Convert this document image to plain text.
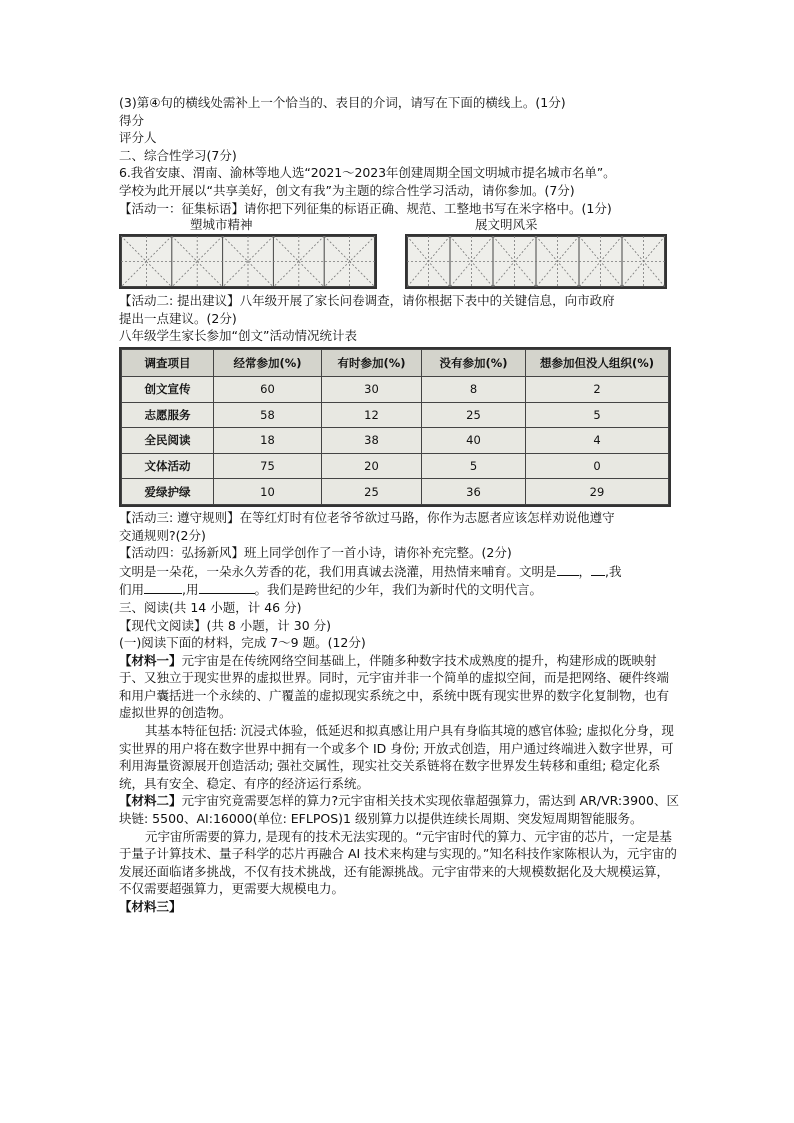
(3)第④句的横线处需补上一个恰当的、表目的介词，请写在下面的横线上。(1分)
得分
评分人
二、综合性学习(7分)
6.我省安康、渭南、渝林等地人选“2021～2023年创建周期全国文明城市提名城市名单”。
学校为此开展以“共享美好，创文有我”为主题的综合性学习活动，请你参加。(7分)
【活动一：征集标语】请你把下列征集的标语正确、规范、工整地书写在米字格中。(1分)
塑城市精神	展文明风采
【活动二: 提出建议】八年级开展了家长问卷调查，请你根据下表中的关键信息，向市政府
提出一点建议。(2分)
八年级学生家长参加“创文”活动情况统计表
调查项目	经常参加(%)	有时参加(%)	没有参加(%)	想参加但没人组织(%)
创文宣传	60	30	8	2
志愿服务	58	12	25	5
全民阅读	18	38	40	4
文体活动	75	20	5	0
爱绿护绿	10	25	36	29
【活动三: 遵守规则】在等红灯时有位老爷爷欲过马路，你作为志愿者应该怎样劝说他遵守
交通规则?(2分)
【活动四：弘扬新风】班上同学创作了一首小诗，请你补充完整。(2分)
文明是一朵花，一朵永久芳香的花，我们用真诚去浇灌，用热情来哺育。文明是 ， ,我
们用	,用	。我们是跨世纪的少年，我们为新时代的文明代言。
三、阅读(共 14 小题，计 46 分)
【现代文阅读】(共 8 小题，计 30 分)
(一)阅读下面的材料，完成 7～9 题。(12分)
【材料一】元宇宙是在传统网络空间基础上，伴随多种数字技术成熟度的提升，构建形成的既映射于、又独立于现实世界的虚拟世界。同时，元宇宙并非一个简单的虚拟空间，而是把网络、硬件终端和用户囊括进一个永续的、广覆盖的虚拟现实系统之中，系统中既有现实世界的数字化复制物，也有虚拟世界的创造物。
其基本特征包括: 沉浸式体验，低延迟和拟真感让用户具有身临其境的感官体验; 虚拟化分身，现实世界的用户将在数字世界中拥有一个或多个 ID 身份; 开放式创造，用户通过终端进入数字世界，可利用海量资源展开创造活动; 强社交属性，现实社交关系链将在数字世界发生转移和重组; 稳定化系统，具有安全、稳定、有序的经济运行系统。
【材料二】元宇宙究竟需要怎样的算力?元宇宙相关技术实现依靠超强算力，需达到 AR/VR:3900、区块链: 5500、AI:16000(单位: EFLPOS)1 级别算力以提供连续长周期、突发短周期智能服务。
元宇宙所需要的算力, 是现有的技术无法实现的。“元宇宙时代的算力、元宇宙的芯片，一定是基于量子计算技术、量子科学的芯片再融合 AI 技术来构建与实现的。”知名科技作家陈根认为，元宇宙的发展还面临诸多挑战，不仅有技术挑战，还有能源挑战。元宇宙带来的大规模数据化及大规模运算，不仅需要超强算力，更需要大规模电力。
【材料三】
